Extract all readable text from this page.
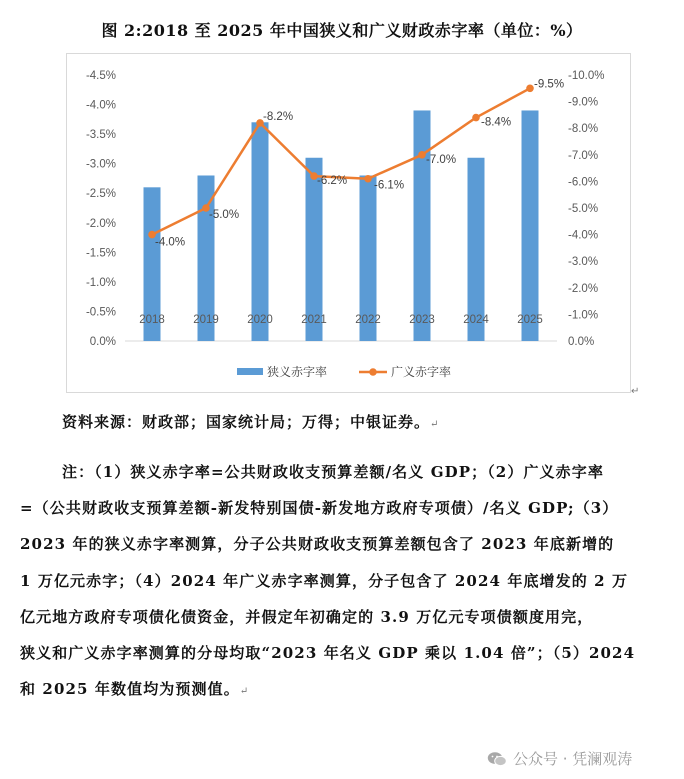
图 2:2018 至 2025 年中国狭义和广义财政赤字率（单位：%）
-4.5%
-4.0%
-3.5%
-3.0%
-2.5%
-2.0%
-1.5%
-1.0%
-0.5%
0.0%
-10.0%
-9.0%
-8.0%
-7.0%
-6.0%
-5.0%
-4.0%
-3.0%
-2.0%
-1.0%
0.0%
2018 2019 2020 2021 2022 2023 2024 2025
-4.0%
-5.0%
-8.2%
-6.2% -6.1%
-7.0%
-8.4%
-9.5%
狭义赤字率	广义赤字率
↵
资料来源：财政部；国家统计局；万得；中银证券。↵
注：（1）狭义赤字率=公共财政收支预算差额/名义 GDP；（2）广义赤字率
=（公共财政收支预算差额-新发特别国债-新发地方政府专项债）/名义 GDP;（3）
2023 年的狭义赤字率测算，分子公共财政收支预算差额包含了 2023 年底新增的
1 万亿元赤字；（4）2024 年广义赤字率测算，分子包含了 2024 年底增发的 2 万
亿元地方政府专项债化债资金，并假定年初确定的 3.9 万亿元专项债额度用完，
狭义和广义赤字率测算的分母均取“2023 年名义 GDP 乘以 1.04 倍”；（5）2024
和 2025 年数值均为预测值。↵
公众号 · 凭澜观涛
